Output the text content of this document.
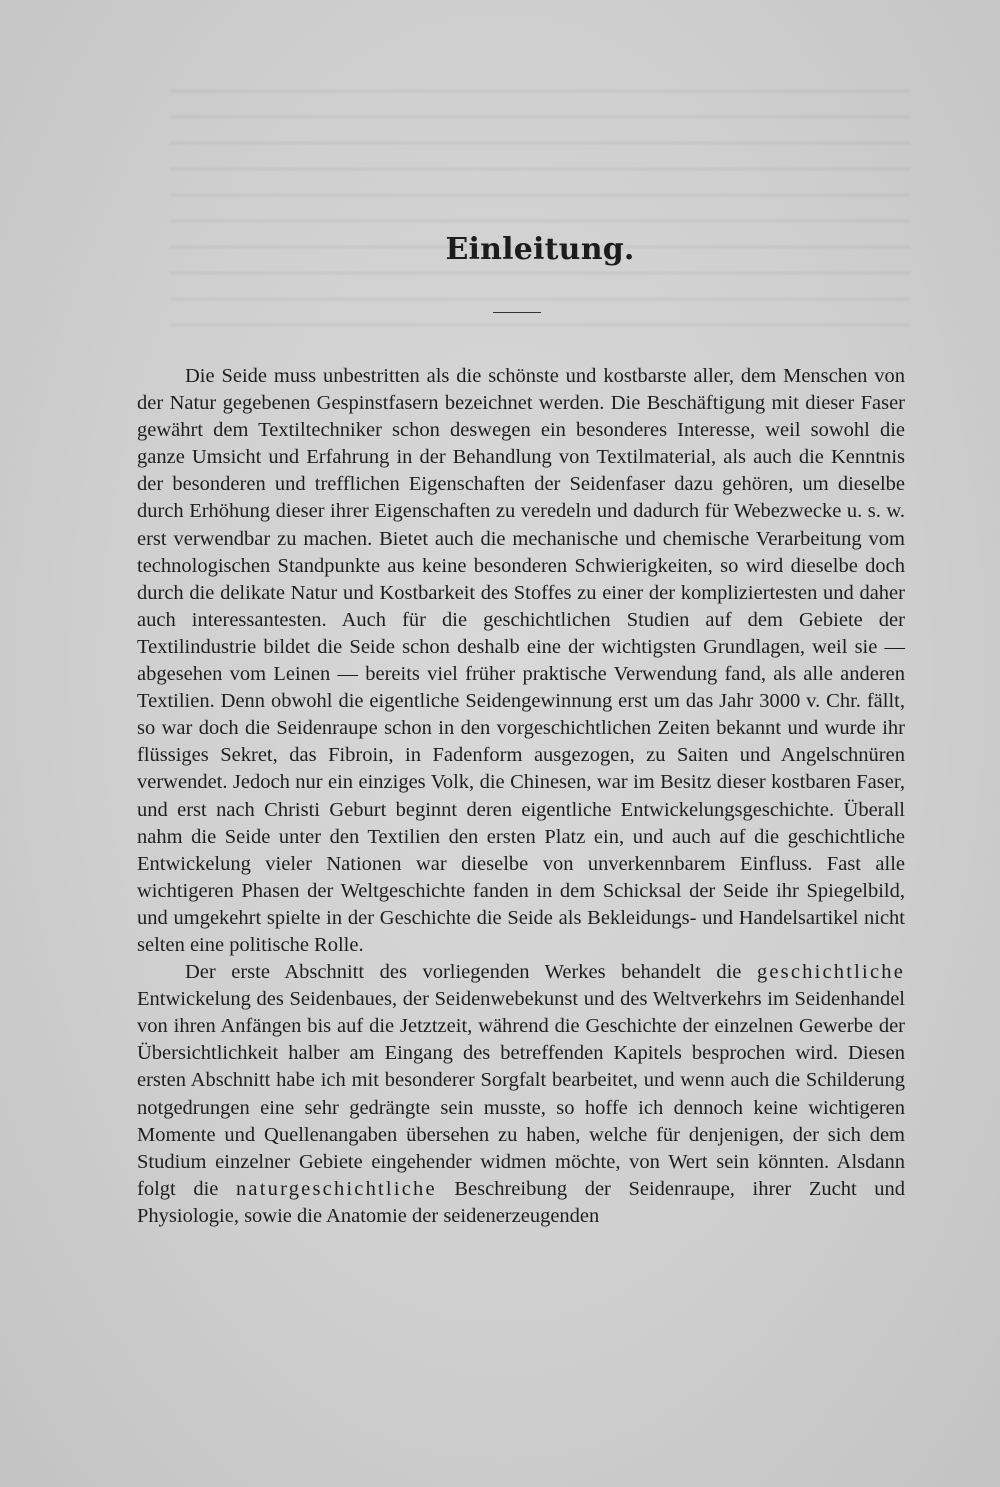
Einleitung.

Die Seide muss unbestritten als die schönste und kostbarste aller, dem Menschen von der Natur gegebenen Gespinstfasern bezeichnet werden. Die Beschäftigung mit dieser Faser gewährt dem Textiltechniker schon deswegen ein besonderes Interesse, weil sowohl die ganze Umsicht und Erfahrung in der Behandlung von Textilmaterial, als auch die Kenntnis der besonderen und trefflichen Eigenschaften der Seidenfaser dazu gehören, um dieselbe durch Erhöhung dieser ihrer Eigenschaften zu veredeln und dadurch für Webezwecke u. s. w. erst verwendbar zu machen. Bietet auch die mechanische und chemische Verarbeitung vom technologischen Standpunkte aus keine besonderen Schwierigkeiten, so wird dieselbe doch durch die delikate Natur und Kostbarkeit des Stoffes zu einer der kompliziertesten und daher auch interessantesten. Auch für die geschichtlichen Studien auf dem Gebiete der Textilindustrie bildet die Seide schon deshalb eine der wichtigsten Grundlagen, weil sie — abgesehen vom Leinen — bereits viel früher praktische Verwendung fand, als alle anderen Textilien. Denn obwohl die eigentliche Seidengewinnung erst um das Jahr 3000 v. Chr. fällt, so war doch die Seidenraupe schon in den vorgeschichtlichen Zeiten bekannt und wurde ihr flüssiges Sekret, das Fibroin, in Fadenform ausgezogen, zu Saiten und Angelschnüren verwendet. Jedoch nur ein einziges Volk, die Chinesen, war im Besitz dieser kostbaren Faser, und erst nach Christi Geburt beginnt deren eigentliche Entwickelungsgeschichte. Überall nahm die Seide unter den Textilien den ersten Platz ein, und auch auf die geschichtliche Entwickelung vieler Nationen war dieselbe von unverkennbarem Einfluss. Fast alle wichtigeren Phasen der Weltgeschichte fanden in dem Schicksal der Seide ihr Spiegelbild, und umgekehrt spielte in der Geschichte die Seide als Bekleidungs- und Handelsartikel nicht selten eine politische Rolle.

Der erste Abschnitt des vorliegenden Werkes behandelt die geschichtliche Entwickelung des Seidenbaues, der Seidenwebekunst und des Weltverkehrs im Seidenhandel von ihren Anfängen bis auf die Jetztzeit, während die Geschichte der einzelnen Gewerbe der Übersichtlichkeit halber am Eingang des betreffenden Kapitels besprochen wird. Diesen ersten Abschnitt habe ich mit besonderer Sorgfalt bearbeitet, und wenn auch die Schilderung notgedrungen eine sehr gedrängte sein musste, so hoffe ich dennoch keine wichtigeren Momente und Quellenangaben übersehen zu haben, welche für denjenigen, der sich dem Studium einzelner Gebiete eingehender widmen möchte, von Wert sein könnten. Alsdann folgt die naturgeschichtliche Beschreibung der Seidenraupe, ihrer Zucht und Physiologie, sowie die Anatomie der seidenerzeugenden
